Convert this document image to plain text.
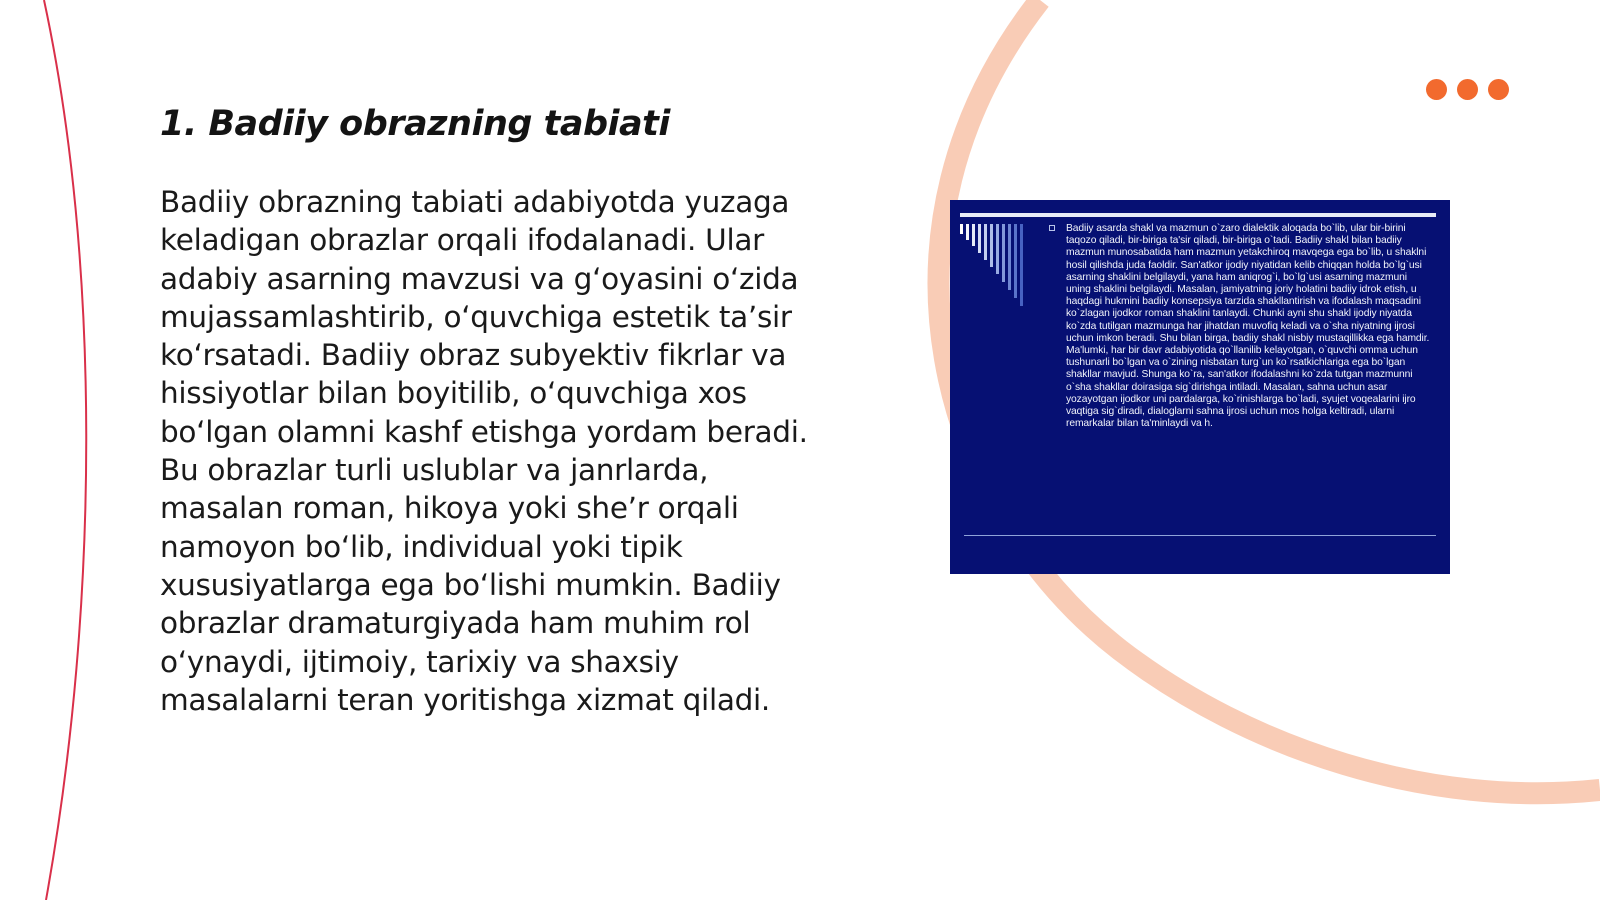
1. Badiiy obrazning tabiati

Badiiy obrazning tabiati adabiyotda yuzaga keladigan obrazlar orqali ifodalanadi. Ular adabiy asarning mavzusi va gʻoyasini oʻzida mujassamlashtirib, oʻquvchiga estetik taʼsir koʻrsatadi. Badiiy obraz subyektiv fikrlar va hissiyotlar bilan boyitilib, oʻquvchiga xos boʻlgan olamni kashf etishga yordam beradi. Bu obrazlar turli uslublar va janrlarda, masalan roman, hikoya yoki sheʼr orqali namoyon boʻlib, individual yoki tipik xususiyatlarga ega boʻlishi mumkin. Badiiy obrazlar dramaturgiyada ham muhim rol oʻynaydi, ijtimoiy, tarixiy va shaxsiy masalalarni teran yoritishga xizmat qiladi.

Badiiy asarda shakl va mazmun o`zaro dialektik aloqada bo`lib, ular bir-birini taqozo qiladi, bir-biriga ta'sir qiladi, bir-biriga o`tadi. Badiiy shakl bilan badiiy mazmun munosabatida ham mazmun yetakchiroq mavqega ega bo`lib, u shaklni hosil qilishda juda faoldir. San'atkor ijodiy niyatidan kelib chiqqan holda bo`lg`usi asarning shaklini belgilaydi, yana ham aniqrog`i, bo`lg`usi asarning mazmuni uning shaklini belgilaydi. Masalan, jamiyatning joriy holatini badiiy idrok etish, u haqdagi hukmini badiiy konsepsiya tarzida shakllantirish va ifodalash maqsadini ko`zlagan ijodkor roman shaklini tanlaydi. Chunki ayni shu shakl ijodiy niyatda ko`zda tutilgan mazmunga har jihatdan muvofiq keladi va o`sha niyatning ijrosi uchun imkon beradi. Shu bilan birga, badiiy shakl nisbiy mustaqillikka ega hamdir. Ma'lumki, har bir davr adabiyotida qo`llanilib kelayotgan, o`quvchi omma uchun tushunarli bo`lgan va o`zining nisbatan turg`un ko`rsatkichlariga ega bo`lgan shakllar mavjud. Shunga ko`ra, san'atkor ifodalashni ko`zda tutgan mazmunni o`sha shakllar doirasiga sig`dirishga intiladi. Masalan, sahna uchun asar yozayotgan ijodkor uni pardalarga, ko`rinishlarga bo`ladi, syujet voqealarini ijro vaqtiga sig`diradi, dialoglarni sahna ijrosi uchun mos holga keltiradi, ularni remarkalar bilan ta'minlaydi va h.
